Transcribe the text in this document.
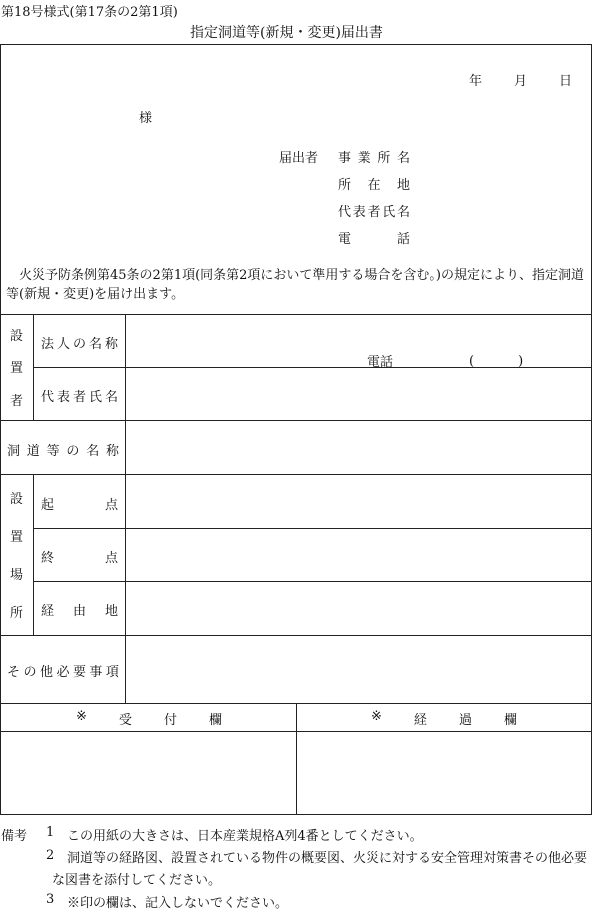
第18号様式(第17条の2第1項)
指定洞道等(新規・変更)届出書
年 月 日
様
届出者 事 業 所 名
所 在 地
代 表 者 氏 名
電	話
火災予防条例第45条の2第1項(同条第2項において準用する場合を含む。)の規定により、指定洞道等(新規・変更)を届け出ます。
設
置
者
法 人 の 名 称
電話	(　　)
代 表 者 氏 名
洞 道 等 の 名 称
設
置
場
所
起	点
終	点
経 由 地
そ の 他 必 要 事 項
※ 受 付 欄	※ 経 過 欄
備考 1 この用紙の大きさは、日本産業規格A列4番としてください。
2 洞道等の経路図、設置されている物件の概要図、火災に対する安全管理対策書その他必要な図書を添付してください。
3 ※印の欄は、記入しないでください。
